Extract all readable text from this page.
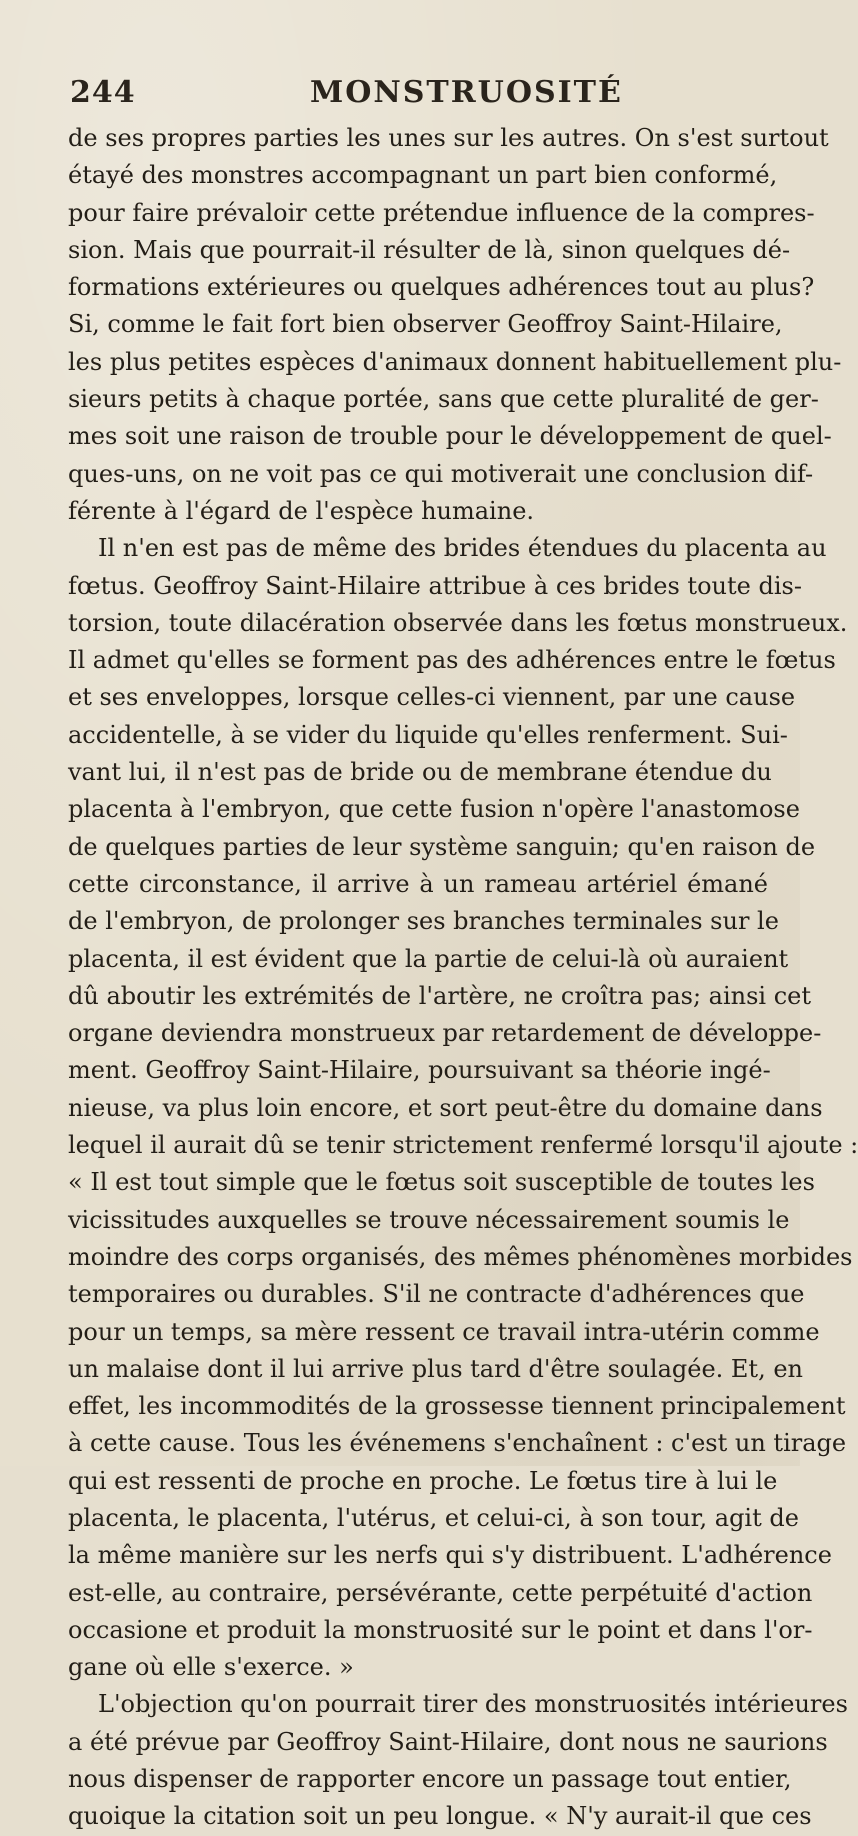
244	MONSTRUOSITÉ
de ses propres parties les unes sur les autres. On s'est surtout
étayé des monstres accompagnant un part bien conformé,
pour faire prévaloir cette prétendue influence de la compres-
sion. Mais que pourrait-il résulter de là, sinon quelques dé-
formations extérieures ou quelques adhérences tout au plus?
Si, comme le fait fort bien observer Geoffroy Saint-Hilaire,
les plus petites espèces d'animaux donnent habituellement plu-
sieurs petits à chaque portée, sans que cette pluralité de ger-
mes soit une raison de trouble pour le développement de quel-
ques-uns, on ne voit pas ce qui motiverait une conclusion dif-
férente à l'égard de l'espèce humaine.
Il n'en est pas de même des brides étendues du placenta au
fœtus. Geoffroy Saint-Hilaire attribue à ces brides toute dis-
torsion, toute dilacération observée dans les fœtus monstrueux.
Il admet qu'elles se forment pas des adhérences entre le fœtus
et ses enveloppes, lorsque celles-ci viennent, par une cause
accidentelle, à se vider du liquide qu'elles renferment. Sui-
vant lui, il n'est pas de bride ou de membrane étendue du
placenta à l'embryon, que cette fusion n'opère l'anastomose
de quelques parties de leur système sanguin; qu'en raison de
cette circonstance, il arrive à un rameau artériel émané
de l'embryon, de prolonger ses branches terminales sur le
placenta, il est évident que la partie de celui-là où auraient
dû aboutir les extrémités de l'artère, ne croîtra pas; ainsi cet
organe deviendra monstrueux par retardement de développe-
ment. Geoffroy Saint-Hilaire, poursuivant sa théorie ingé-
nieuse, va plus loin encore, et sort peut-être du domaine dans
lequel il aurait dû se tenir strictement renfermé lorsqu'il ajoute :
« Il est tout simple que le fœtus soit susceptible de toutes les
vicissitudes auxquelles se trouve nécessairement soumis le
moindre des corps organisés, des mêmes phénomènes morbides
temporaires ou durables. S'il ne contracte d'adhérences que
pour un temps, sa mère ressent ce travail intra-utérin comme
un malaise dont il lui arrive plus tard d'être soulagée. Et, en
effet, les incommodités de la grossesse tiennent principalement
à cette cause. Tous les événemens s'enchaînent : c'est un tirage
qui est ressenti de proche en proche. Le fœtus tire à lui le
placenta, le placenta, l'utérus, et celui-ci, à son tour, agit de
la même manière sur les nerfs qui s'y distribuent. L'adhérence
est-elle, au contraire, persévérante, cette perpétuité d'action
occasione et produit la monstruosité sur le point et dans l'or-
gane où elle s'exerce. »
L'objection qu'on pourrait tirer des monstruosités intérieures
a été prévue par Geoffroy Saint-Hilaire, dont nous ne saurions
nous dispenser de rapporter encore un passage tout entier,
quoique la citation soit un peu longue. « N'y aurait-il que ces
